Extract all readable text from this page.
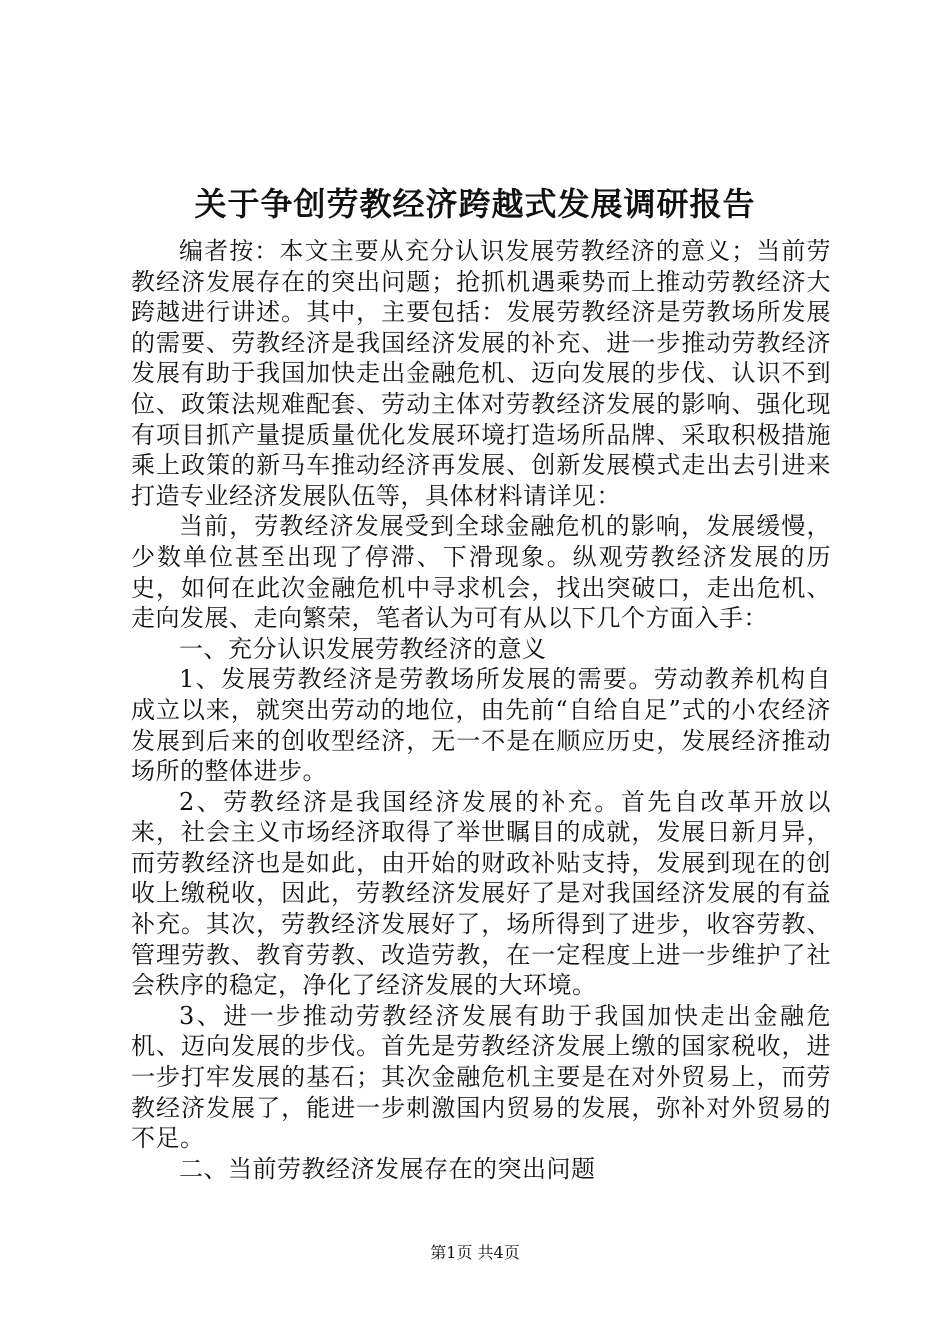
关于争创劳教经济跨越式发展调研报告

编者按：本文主要从充分认识发展劳教经济的意义；当前劳教经济发展存在的突出问题；抢抓机遇乘势而上推动劳教经济大跨越进行讲述。其中，主要包括：发展劳教经济是劳教场所发展的需要、劳教经济是我国经济发展的补充、进一步推动劳教经济发展有助于我国加快走出金融危机、迈向发展的步伐、认识不到位、政策法规难配套、劳动主体对劳教经济发展的影响、强化现有项目抓产量提质量优化发展环境打造场所品牌、采取积极措施乘上政策的新马车推动经济再发展、创新发展模式走出去引进来打造专业经济发展队伍等，具体材料请详见：

当前，劳教经济发展受到全球金融危机的影响，发展缓慢，少数单位甚至出现了停滞、下滑现象。纵观劳教经济发展的历史，如何在此次金融危机中寻求机会，找出突破口，走出危机、走向发展、走向繁荣，笔者认为可有从以下几个方面入手：

一、充分认识发展劳教经济的意义

1、发展劳教经济是劳教场所发展的需要。劳动教养机构自成立以来，就突出劳动的地位，由先前“自给自足”式的小农经济发展到后来的创收型经济，无一不是在顺应历史，发展经济推动场所的整体进步。

2、劳教经济是我国经济发展的补充。首先自改革开放以来，社会主义市场经济取得了举世瞩目的成就，发展日新月异，而劳教经济也是如此，由开始的财政补贴支持，发展到现在的创收上缴税收，因此，劳教经济发展好了是对我国经济发展的有益补充。其次，劳教经济发展好了，场所得到了进步，收容劳教、管理劳教、教育劳教、改造劳教，在一定程度上进一步维护了社会秩序的稳定，净化了经济发展的大环境。

3、进一步推动劳教经济发展有助于我国加快走出金融危机、迈向发展的步伐。首先是劳教经济发展上缴的国家税收，进一步打牢发展的基石；其次金融危机主要是在对外贸易上，而劳教经济发展了，能进一步刺激国内贸易的发展，弥补对外贸易的不足。

二、当前劳教经济发展存在的突出问题

第1页 共4页
